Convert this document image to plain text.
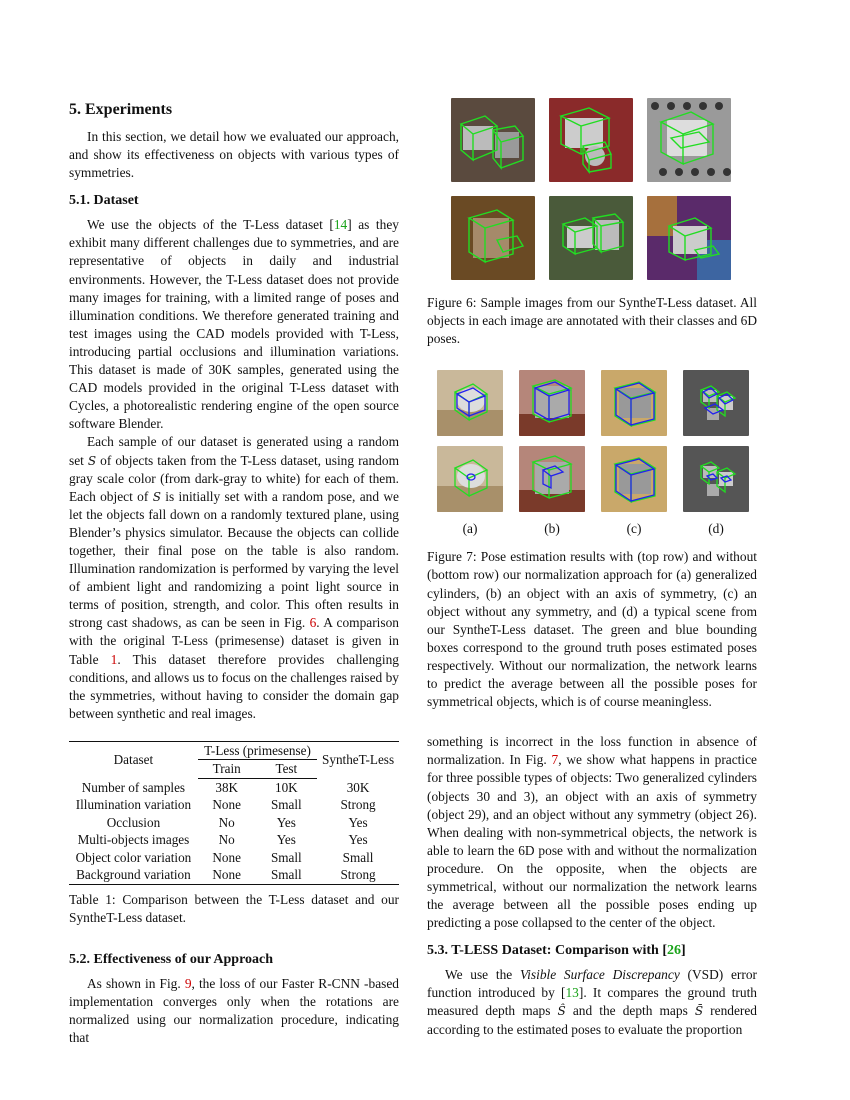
5. Experiments

In this section, we detail how we evaluated our approach, and show its effectiveness on objects with various types of symmetries.

5.1. Dataset

We use the objects of the T-Less dataset [14] as they exhibit many different challenges due to symmetries, and are representative of objects in daily and industrial environments. However, the T-Less dataset does not provide many images for training, with a limited range of poses and illumination conditions. We therefore generated training and test images using the CAD models provided with T-Less, introducing partial occlusions and illumination variations. This dataset is made of 30K samples, generated using the CAD models provided in the original T-Less dataset with Cycles, a photorealistic rendering engine of the open source software Blender.

Each sample of our dataset is generated using a random set S of objects taken from the T-Less dataset, using random gray scale color (from dark-gray to white) for each of them. Each object of S is initially set with a random pose, and we let the objects fall down on a randomly textured plane, using Blender’s physics simulator. Because the objects can collide together, their final pose on the table is also random. Illumination randomization is performed by varying the level of ambient light and randomizing a point light source in terms of position, strength, and color. This often results in strong cast shadows, as can be seen in Fig. 6. A comparison with the original T-Less (primesense) dataset is given in Table 1. This dataset therefore provides challenging conditions, and allows us to focus on the challenges raised by the symmetries, without having to consider the domain gap between synthetic and real images.

Dataset	T-Less (primesense)		SyntheT-Less
	Train	Test	
Number of samples	38K	10K	30K
Illumination variation	None	Small	Strong
Occlusion	No	Yes	Yes
Multi-objects images	No	Yes	Yes
Object color variation	None	Small	Small
Background variation	None	Small	Strong
Table 1: Comparison between the T-Less dataset and our SyntheT-Less dataset.
5.2. Effectiveness of our Approach

As shown in Fig. 9, the loss of our Faster R-CNN -based implementation converges only when the rotations are normalized using our normalization procedure, indicating that

Figure 6: Sample images from our SyntheT-Less dataset. All objects in each image are annotated with their classes and 6D poses.

(a)	(b)	(c)	(d)

Figure 7: Pose estimation results with (top row) and without (bottom row) our normalization approach for (a) generalized cylinders, (b) an object with an axis of symmetry, (c) an object without any symmetry, and (d) a typical scene from our SyntheT-Less dataset. The green and blue bounding boxes correspond to the ground truth poses estimated poses respectively. Without our normalization, the network learns to predict the average between all the possible poses for symmetrical objects, which is of course meaningless.

something is incorrect in the loss function in absence of normalization. In Fig. 7, we show what happens in practice for three possible types of objects: Two generalized cylinders (objects 30 and 3), an object with an axis of symmetry (object 29), and an object without any symmetry (object 26). When dealing with non-symmetrical objects, the network is able to learn the 6D pose with and without the normalization procedure. On the opposite, when the objects are symmetrical, without our normalization the network learns the average between all the possible poses ending up predicting a pose collapsed to the center of the object.

5.3. T-LESS Dataset: Comparison with [26]

We use the Visible Surface Discrepancy (VSD) error function introduced by [13]. It compares the ground truth measured depth maps Ŝ and the depth maps S̄ rendered according to the estimated poses to evaluate the proportion
